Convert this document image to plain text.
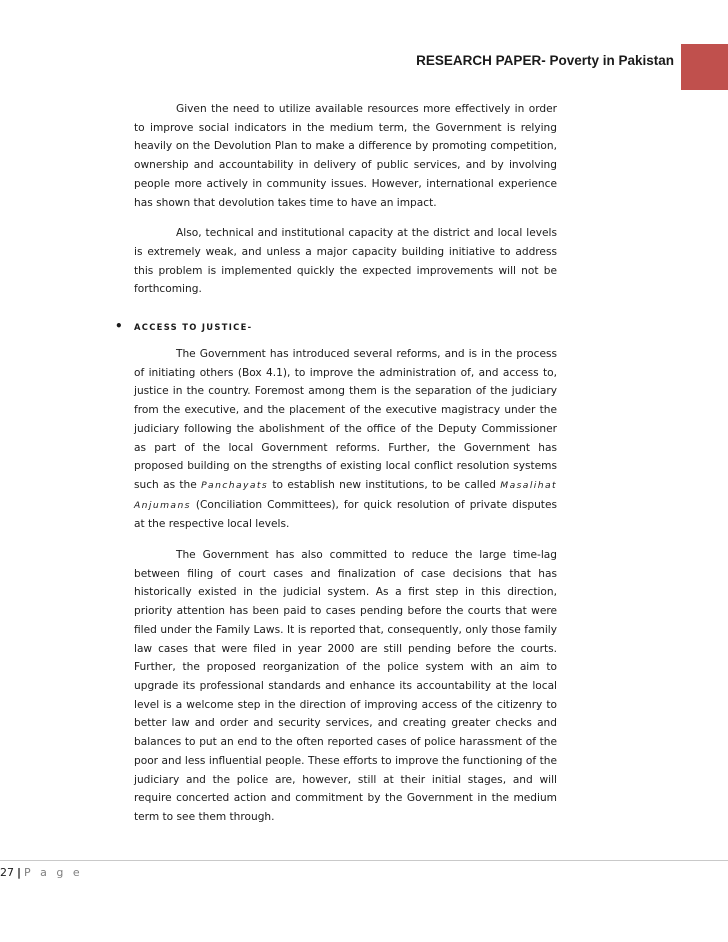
RESEARCH PAPER- Poverty in Pakistan

Given the need to utilize available resources more effectively in order to improve social indicators in the medium term, the Government is relying heavily on the Devolution Plan to make a difference by promoting competition, ownership and accountability in delivery of public services, and by involving people more actively in community issues. However, international experience has shown that devolution takes time to have an impact.

Also, technical and institutional capacity at the district and local levels is extremely weak, and unless a major capacity building initiative to address this problem is implemented quickly the expected improvements will not be forthcoming.

• ACCESS TO JUSTICE-

The Government has introduced several reforms, and is in the process of initiating others (Box 4.1), to improve the administration of, and access to, justice in the country. Foremost among them is the separation of the judiciary from the executive, and the placement of the executive magistracy under the judiciary following the abolishment of the office of the Deputy Commissioner as part of the local Government reforms. Further, the Government has proposed building on the strengths of existing local conflict resolution systems such as the Panchayats to establish new institutions, to be called Masalihat Anjumans (Conciliation Committees), for quick resolution of private disputes at the respective local levels.

The Government has also committed to reduce the large time-lag between filing of court cases and finalization of case decisions that has historically existed in the judicial system. As a first step in this direction, priority attention has been paid to cases pending before the courts that were filed under the Family Laws. It is reported that, consequently, only those family law cases that were filed in year 2000 are still pending before the courts. Further, the proposed reorganization of the police system with an aim to upgrade its professional standards and enhance its accountability at the local level is a welcome step in the direction of improving access of the citizenry to better law and order and security services, and creating greater checks and balances to put an end to the often reported cases of police harassment of the poor and less influential people. These efforts to improve the functioning of the judiciary and the police are, however, still at their initial stages, and will require concerted action and commitment by the Government in the medium term to see them through.

27 | P a g e
